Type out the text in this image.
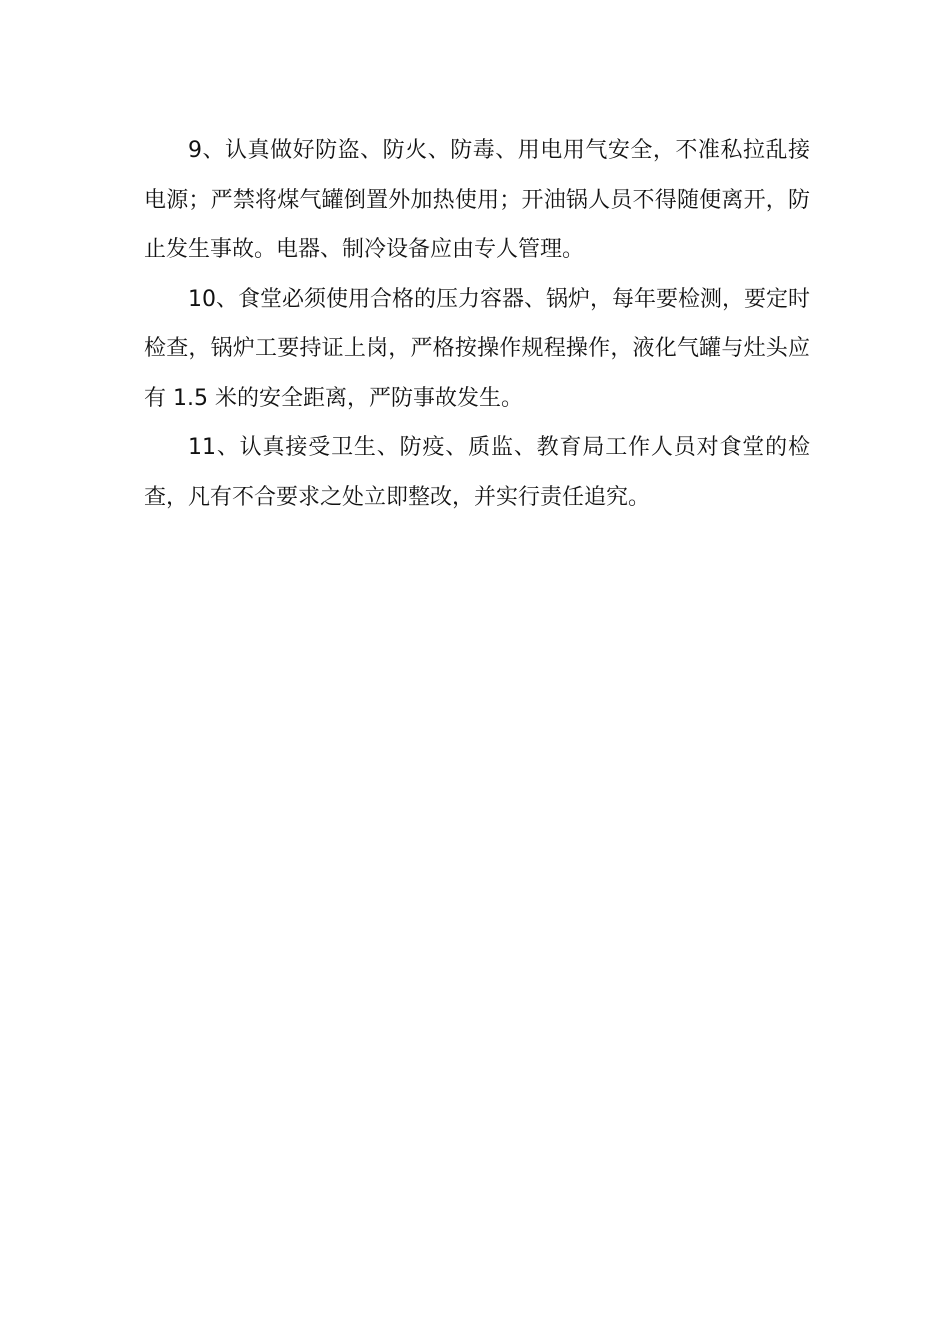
9、认真做好防盗、防火、防毒、用电用气安全，不准私拉乱接电源；严禁将煤气罐倒置外加热使用；开油锅人员不得随便离开，防止发生事故。电器、制冷设备应由专人管理。

10、食堂必须使用合格的压力容器、锅炉，每年要检测，要定时检查，锅炉工要持证上岗，严格按操作规程操作，液化气罐与灶头应有 1.5 米的安全距离，严防事故发生。

11、认真接受卫生、防疫、质监、教育局工作人员对食堂的检查，凡有不合要求之处立即整改，并实行责任追究。
